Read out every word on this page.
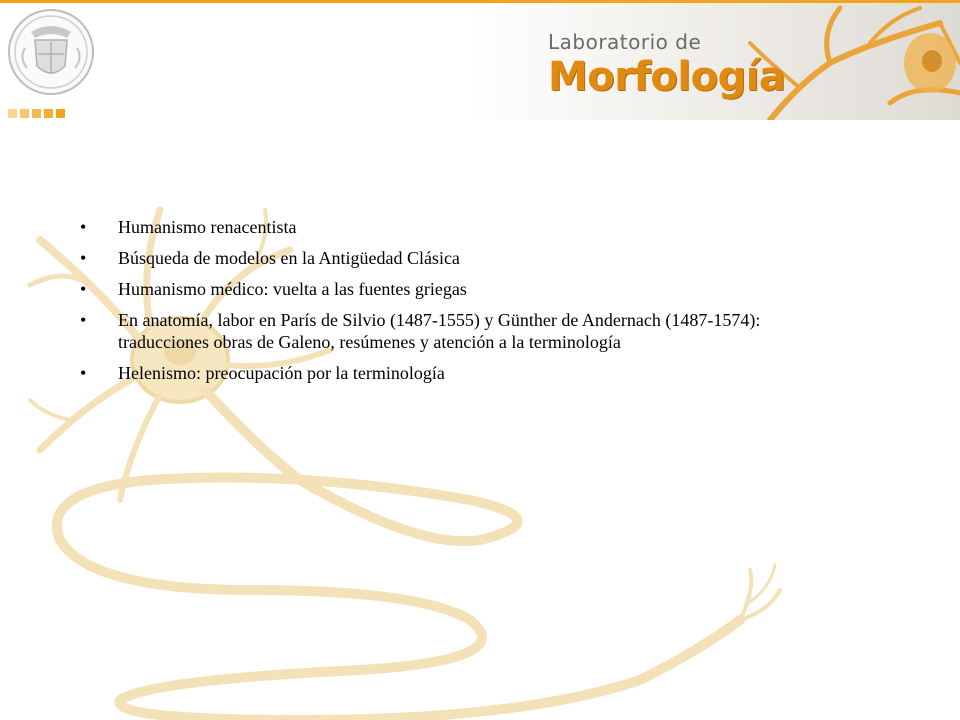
Laboratorio de
Morfología
•	Humanismo renacentista
•	Búsqueda de modelos en la Antigüedad Clásica
•	Humanismo médico: vuelta a las fuentes griegas
•	En anatomía, labor en París de Silvio (1487-1555) y Günther de Andernach (1487-1574): traducciones obras de Galeno, resúmenes y atención a la terminología
•	Helenismo: preocupación por la terminología
